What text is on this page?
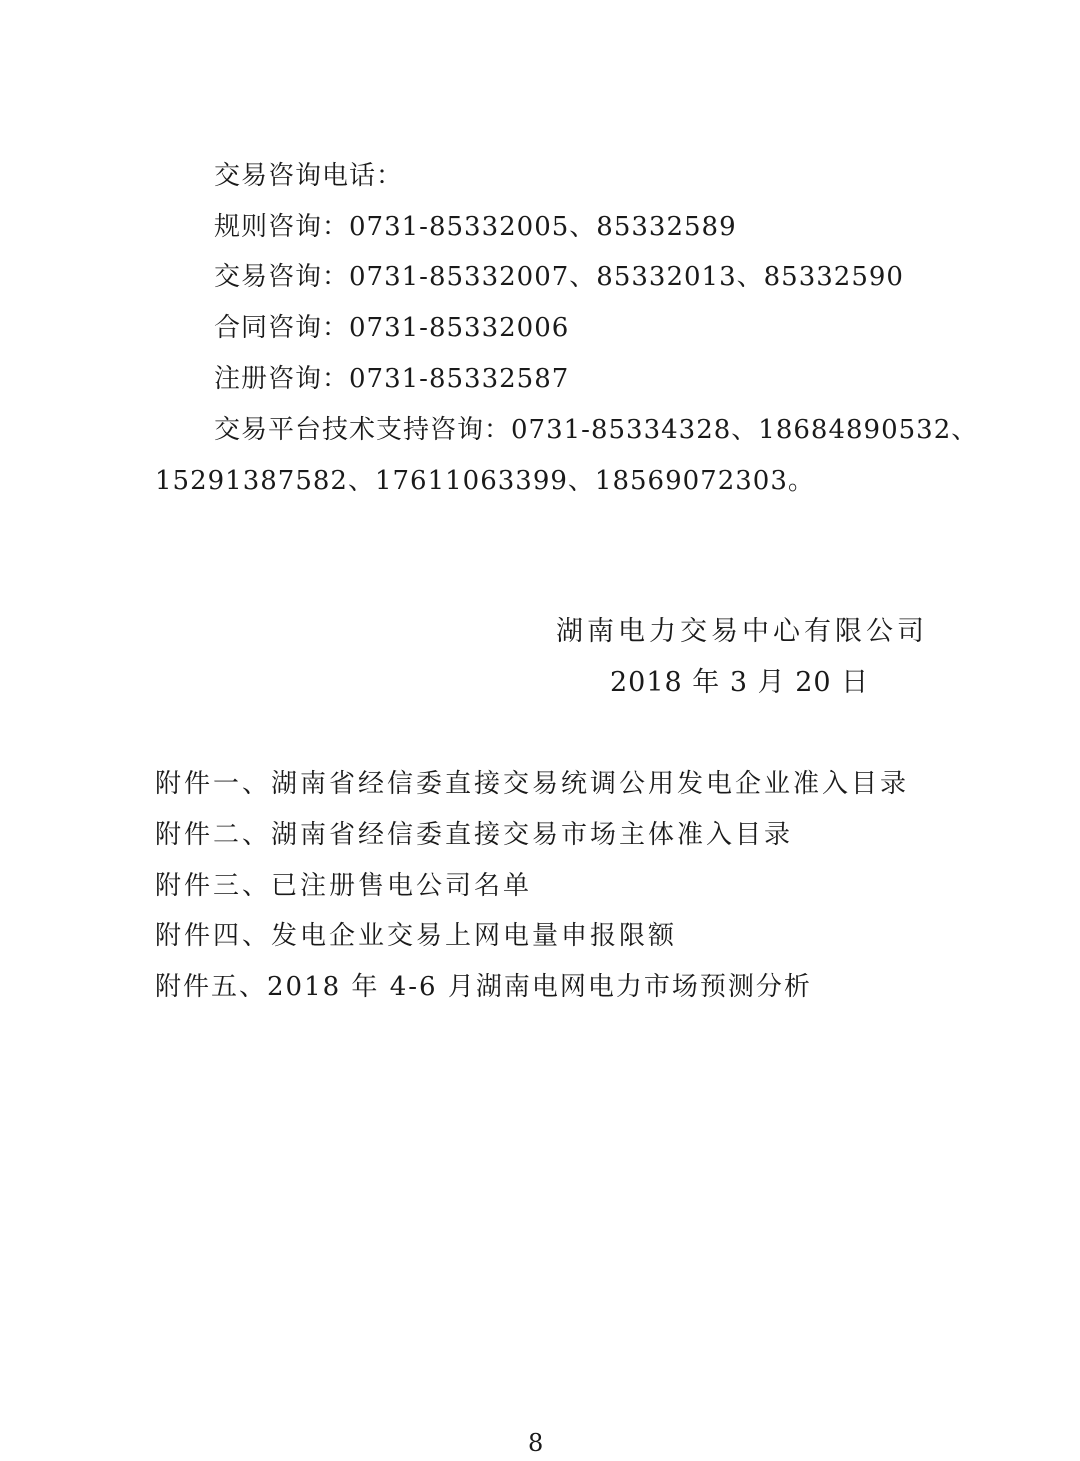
交易咨询电话：
规则咨询：0731-85332005、85332589
交易咨询：0731-85332007、85332013、85332590
合同咨询：0731-85332006
注册咨询：0731-85332587
交易平台技术支持咨询：0731-85334328、18684890532、
15291387582、17611063399、18569072303。
湖南电力交易中心有限公司
2018 年 3 月 20 日
附件一、湖南省经信委直接交易统调公用发电企业准入目录
附件二、湖南省经信委直接交易市场主体准入目录
附件三、已注册售电公司名单
附件四、发电企业交易上网电量申报限额
附件五、2018 年 4-6 月湖南电网电力市场预测分析
8
